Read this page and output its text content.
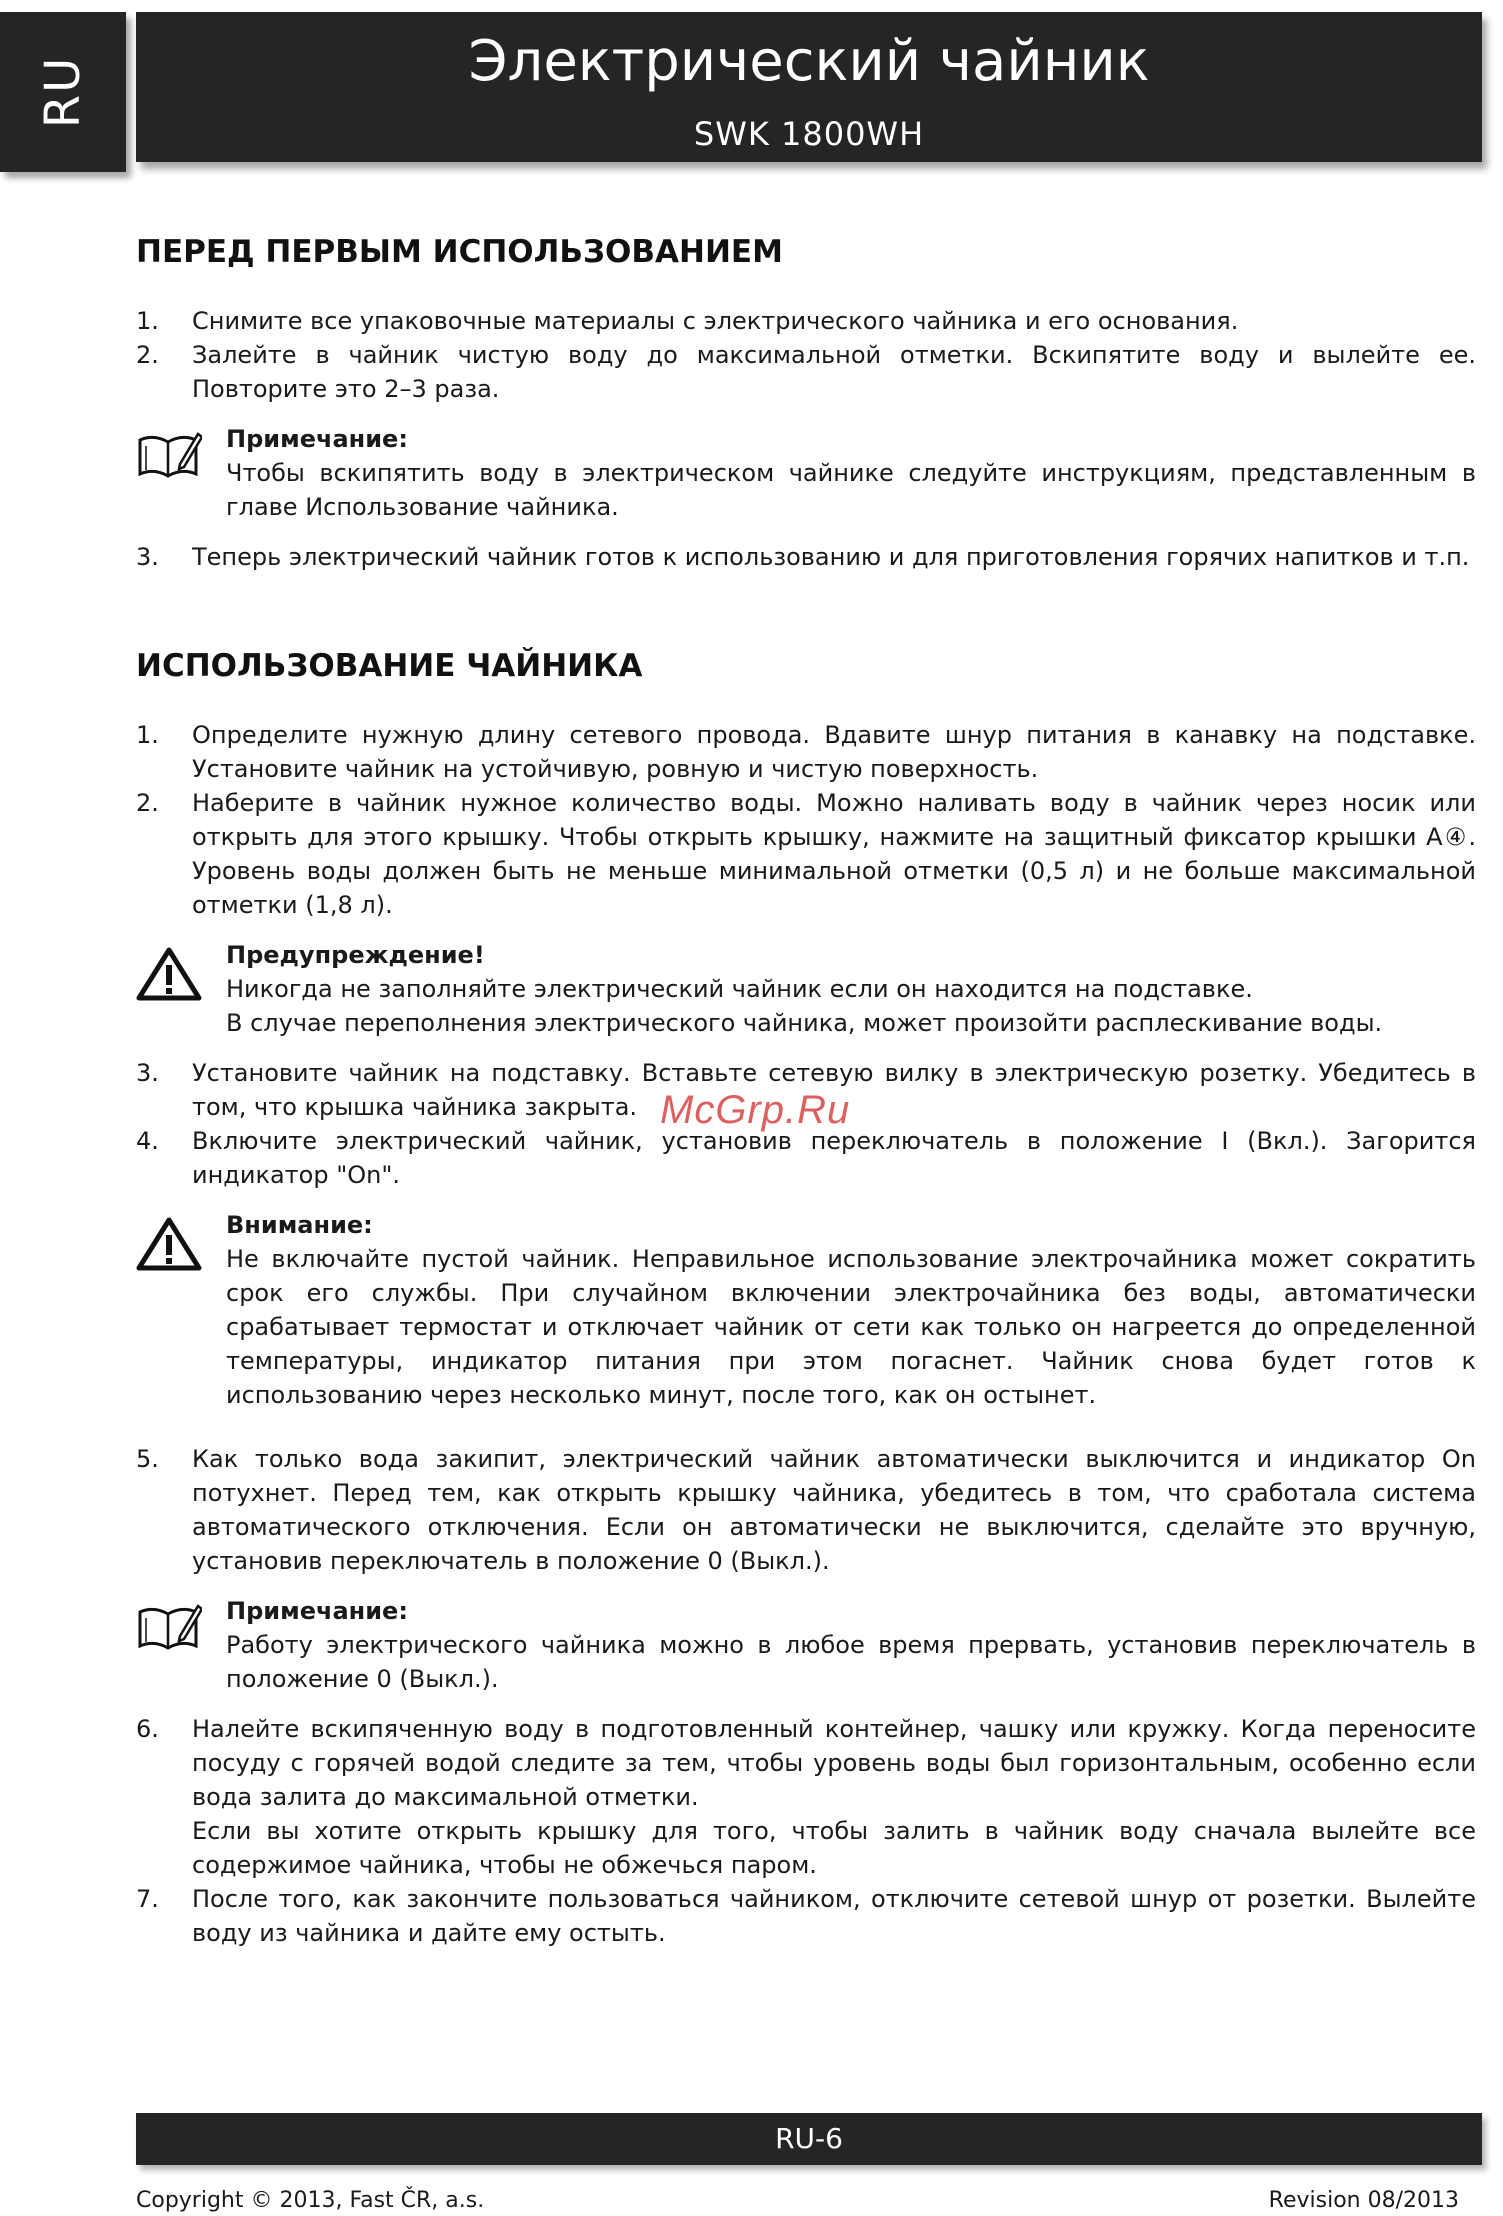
RU	Электрический чайник
SWK 1800WH
ПЕРЕД ПЕРВЫМ ИСПОЛЬЗОВАНИЕМ
1.	Снимите все упаковочные материалы с электрического чайника и его основания.
2.	Залейте в чайник чистую воду до максимальной отметки. Вскипятите воду и вылейте ее. Повторите это 2–3 раза.
Примечание:

Чтобы вскипятить воду в электрическом чайнике следуйте инструкциям, представленным в главе Использование чайника.

3.	Теперь электрический чайник готов к использованию и для приготовления горячих напитков и т.п.
ИСПОЛЬЗОВАНИЕ ЧАЙНИКА
1.	Определите нужную длину сетевого провода. Вдавите шнур питания в канавку на подставке. Установите чайник на устойчивую, ровную и чистую поверхность.
2.	Наберите в чайник нужное количество воды. Можно наливать воду в чайник через носик или открыть для этого крышку. Чтобы открыть крышку, нажмите на защитный фиксатор крышки A④. Уровень воды должен быть не меньше минимальной отметки (0,5 л) и не больше максимальной отметки (1,8 л).
Предупреждение!

Никогда не заполняйте электрический чайник если он находится на подставке.

В случае переполнения электрического чайника, может произойти расплескивание воды.

3.	Установите чайник на подставку. Вставьте сетевую вилку в электрическую розетку. Убедитесь в том, что крышка чайника закрыта.
4.	Включите электрический чайник, установив переключатель в положение I (Вкл.). Загорится индикатор "On".
Внимание:

Не включайте пустой чайник. Неправильное использование электрочайника может сократить срок его службы. При случайном включении электрочайника без воды, автоматически срабатывает термостат и отключает чайник от сети как только он нагреется до определенной температуры, индикатор питания при этом погаснет. Чайник снова будет готов к использованию через несколько минут, после того, как он остынет.

5.	Как только вода закипит, электрический чайник автоматически выключится и индикатор On потухнет. Перед тем, как открыть крышку чайника, убедитесь в том, что сработала система автоматического отключения. Если он автоматически не выключится, сделайте это вручную, установив переключатель в положение 0 (Выкл.).
Примечание:

Работу электрического чайника можно в любое время прервать, установив переключатель в положение 0 (Выкл.).

6.	Налейте вскипяченную воду в подготовленный контейнер, чашку или кружку. Когда переносите посуду с горячей водой следите за тем, чтобы уровень воды был горизонтальным, особенно если вода залита до максимальной отметки.

Если вы хотите открыть крышку для того, чтобы залить в чайник воду сначала вылейте все содержимое чайника, чтобы не обжечься паром.

7.	После того, как закончите пользоваться чайником, отключите сетевой шнур от розетки. Вылейте воду из чайника и дайте ему остыть.
McGrp.Ru
RU-6
Copyright © 2013, Fast ČR, a.s.	Revision 08/2013
